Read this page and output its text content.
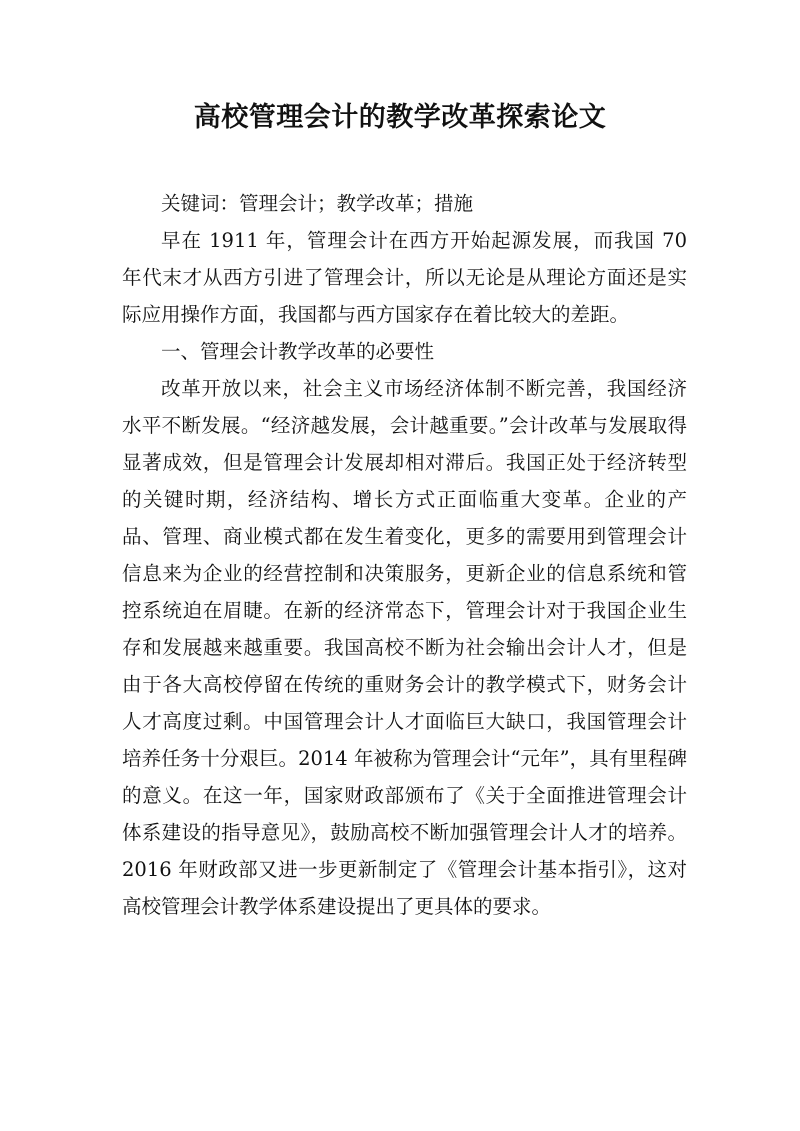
高校管理会计的教学改革探索论文

关键词：管理会计；教学改革；措施

早在 1911 年，管理会计在西方开始起源发展，而我国 70 年代末才从西方引进了管理会计，所以无论是从理论方面还是实际应用操作方面，我国都与西方国家存在着比较大的差距。

一、管理会计教学改革的必要性

改革开放以来，社会主义市场经济体制不断完善，我国经济水平不断发展。“经济越发展，会计越重要。”会计改革与发展取得显著成效，但是管理会计发展却相对滞后。我国正处于经济转型的关键时期，经济结构、增长方式正面临重大变革。企业的产品、管理、商业模式都在发生着变化，更多的需要用到管理会计信息来为企业的经营控制和决策服务，更新企业的信息系统和管控系统迫在眉睫。在新的经济常态下，管理会计对于我国企业生存和发展越来越重要。我国高校不断为社会输出会计人才，但是由于各大高校停留在传统的重财务会计的教学模式下，财务会计人才高度过剩。中国管理会计人才面临巨大缺口，我国管理会计培养任务十分艰巨。2014 年被称为管理会计“元年”，具有里程碑的意义。在这一年，国家财政部颁布了《关于全面推进管理会计体系建设的指导意见》，鼓励高校不断加强管理会计人才的培养。2016 年财政部又进一步更新制定了《管理会计基本指引》，这对高校管理会计教学体系建设提出了更具体的要求。
